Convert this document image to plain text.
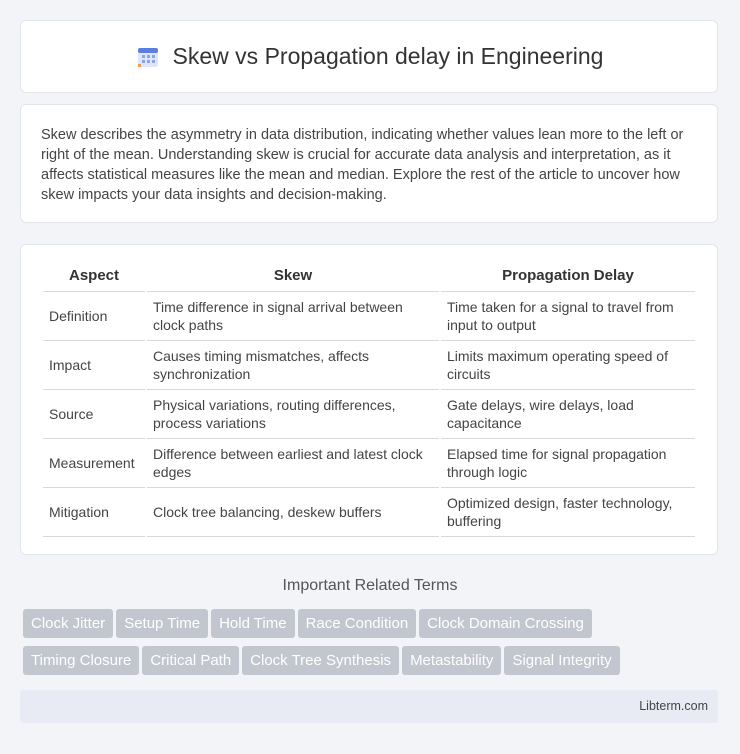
Skew vs Propagation delay in Engineering

Skew describes the asymmetry in data distribution, indicating whether values lean more to the left or right of the mean. Understanding skew is crucial for accurate data analysis and interpretation, as it affects statistical measures like the mean and median. Explore the rest of the article to uncover how skew impacts your data insights and decision-making.

Aspect	Skew	Propagation Delay
Definition	Time difference in signal arrival between clock paths	Time taken for a signal to travel from input to output
Impact	Causes timing mismatches, affects synchronization	Limits maximum operating speed of circuits
Source	Physical variations, routing differences, process variations	Gate delays, wire delays, load capacitance
Measurement	Difference between earliest and latest clock edges	Elapsed time for signal propagation through logic
Mitigation	Clock tree balancing, deskew buffers	Optimized design, faster technology, buffering
Important Related Terms
Clock Jitter Setup Time Hold Time Race Condition Clock Domain Crossing Timing Closure Critical Path Clock Tree Synthesis Metastability Signal Integrity
Libterm.com
